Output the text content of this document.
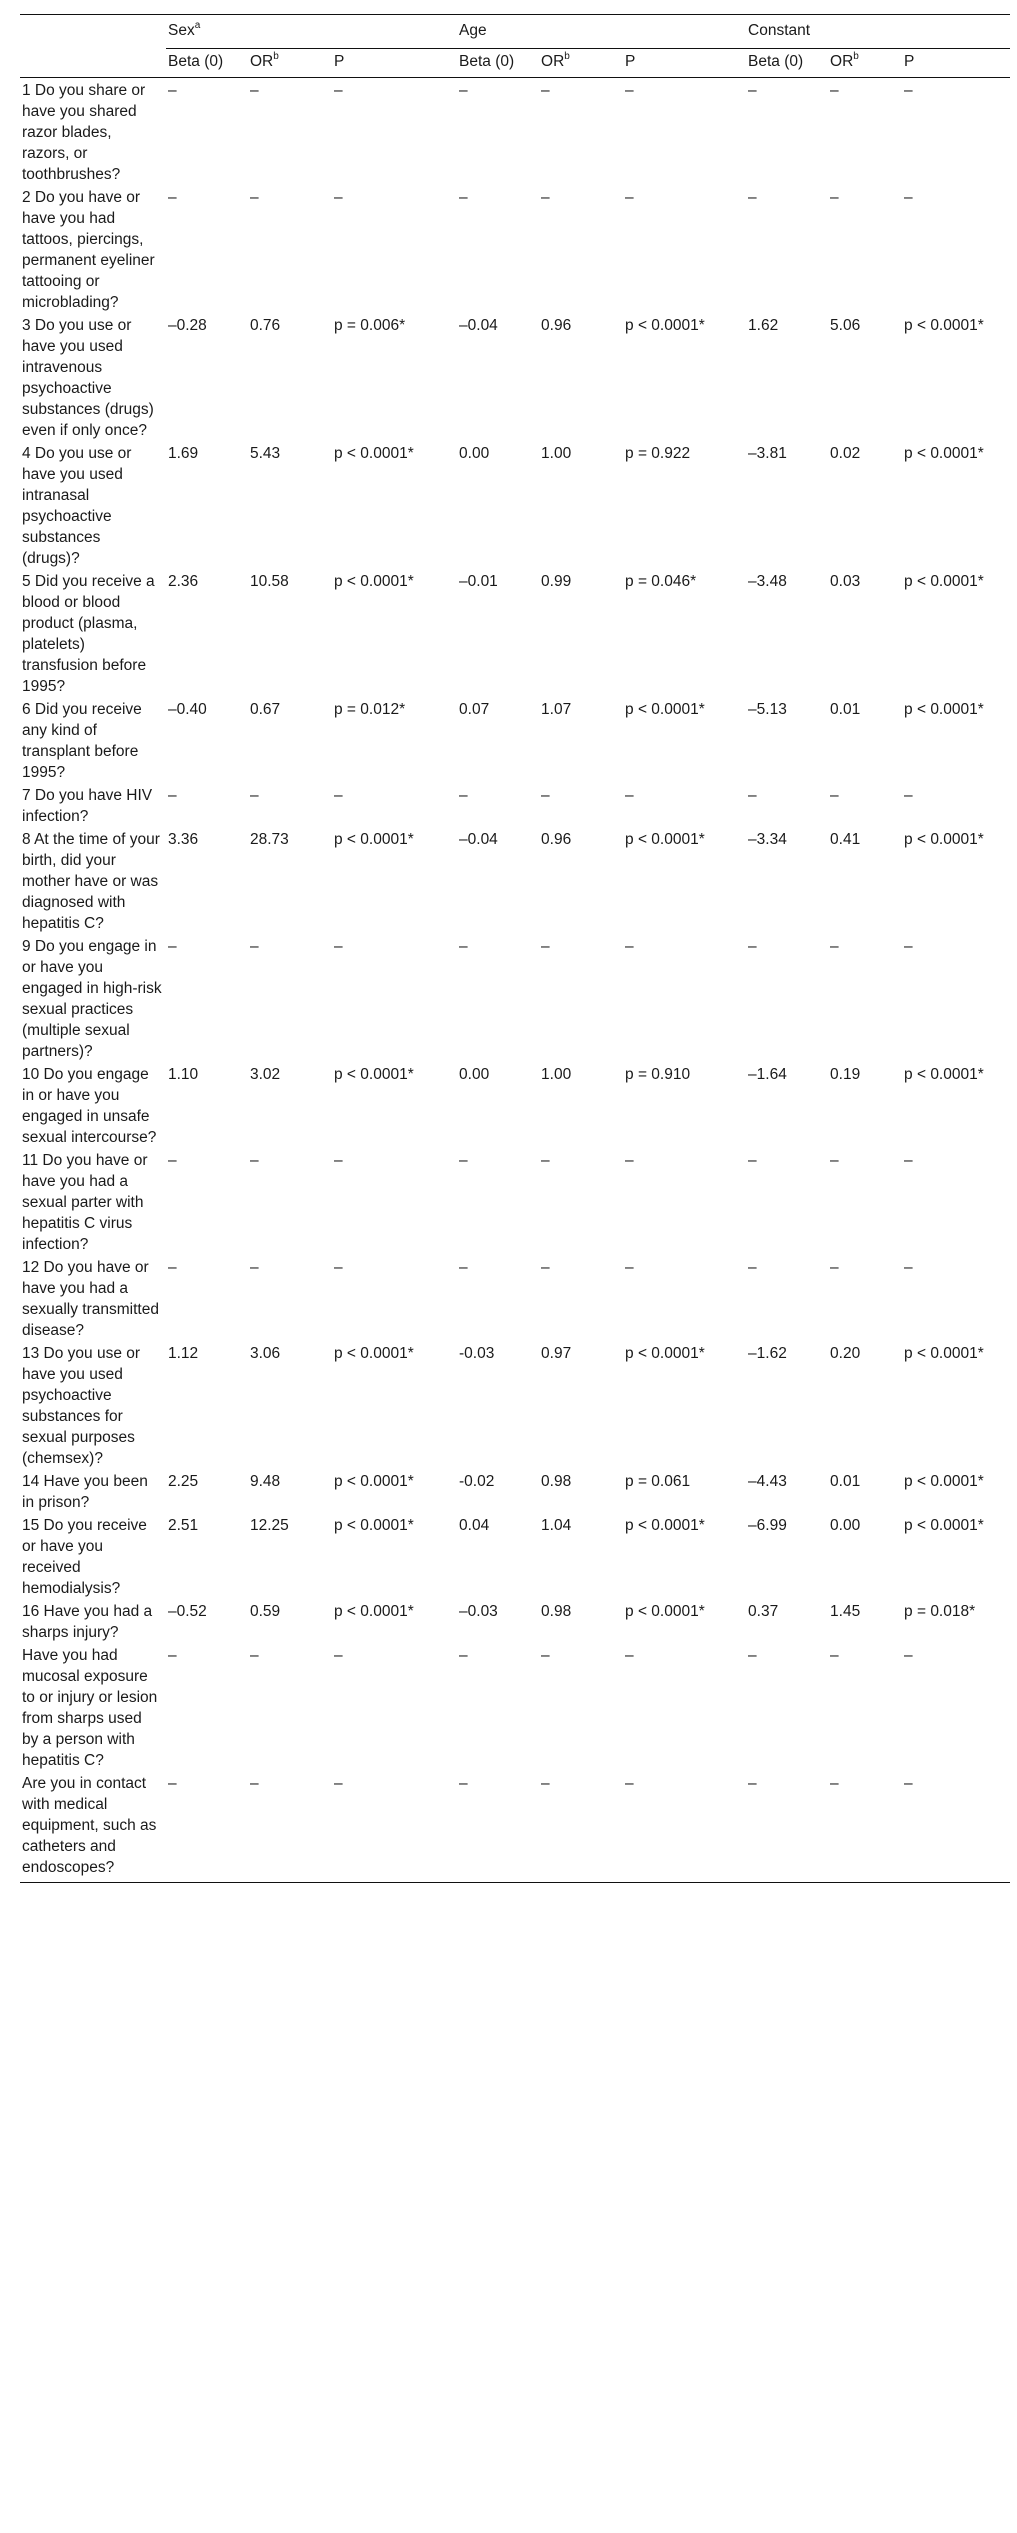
	Sex$^a$			Age			Constant		
	Beta (0)	$OR^b$	P	Beta (0)	$OR^b$	P	Beta (0)	$OR^b$	P
1 Do you share or have you shared razor blades, razors, or toothbrushes?	–	–	–	–	–	–	–	–	–
2 Do you have or have you had tattoos, piercings, permanent eyeliner tattooing or microblading?	–	–	–	–	–	–	–	–	–
3 Do you use or have you used intravenous psychoactive substances (drugs) even if only once?	–0.28	0.76	p = 0.006*	–0.04	0.96	p < 0.0001*	1.62	5.06	p < 0.0001*
4 Do you use or have you used intranasal psychoactive substances (drugs)?	1.69	5.43	p < 0.0001*	0.00	1.00	p = 0.922	–3.81	0.02	p < 0.0001*
5 Did you receive a blood or blood product (plasma, platelets) transfusion before 1995?	2.36	10.58	p < 0.0001*	–0.01	0.99	p = 0.046*	–3.48	0.03	p < 0.0001*
6 Did you receive any kind of transplant before 1995?	–0.40	0.67	p = 0.012*	0.07	1.07	p < 0.0001*	–5.13	0.01	p < 0.0001*
7 Do you have HIV infection?	–	–	–	–	–	–	–	–	–
8 At the time of your birth, did your mother have or was diagnosed with hepatitis C?	3.36	28.73	p < 0.0001*	–0.04	0.96	p < 0.0001*	–3.34	0.41	p < 0.0001*
9 Do you engage in or have you engaged in high-risk sexual practices (multiple sexual partners)?	–	–	–	–	–	–	–	–	–
10 Do you engage in or have you engaged in unsafe sexual intercourse?	1.10	3.02	p < 0.0001*	0.00	1.00	p = 0.910	–1.64	0.19	p < 0.0001*
11 Do you have or have you had a sexual parter with hepatitis C virus infection?	–	–	–	–	–	–	–	–	–
12 Do you have or have you had a sexually transmitted disease?	–	–	–	–	–	–	–	–	–
13 Do you use or have you used psychoactive substances for sexual purposes (chemsex)?	1.12	3.06	p < 0.0001*	-0.03	0.97	p < 0.0001*	–1.62	0.20	p < 0.0001*
14 Have you been in prison?	2.25	9.48	p < 0.0001*	-0.02	0.98	p = 0.061	–4.43	0.01	p < 0.0001*
15 Do you receive or have you received hemodialysis?	2.51	12.25	p < 0.0001*	0.04	1.04	p < 0.0001*	–6.99	0.00	p < 0.0001*
16 Have you had a sharps injury?	–0.52	0.59	p < 0.0001*	–0.03	0.98	p < 0.0001*	0.37	1.45	p = 0.018*
Have you had mucosal exposure to or injury or lesion from sharps used by a person with hepatitis C?	–	–	–	–	–	–	–	–	–
Are you in contact with medical equipment, such as catheters and endoscopes?	–	–	–	–	–	–	–	–	–
